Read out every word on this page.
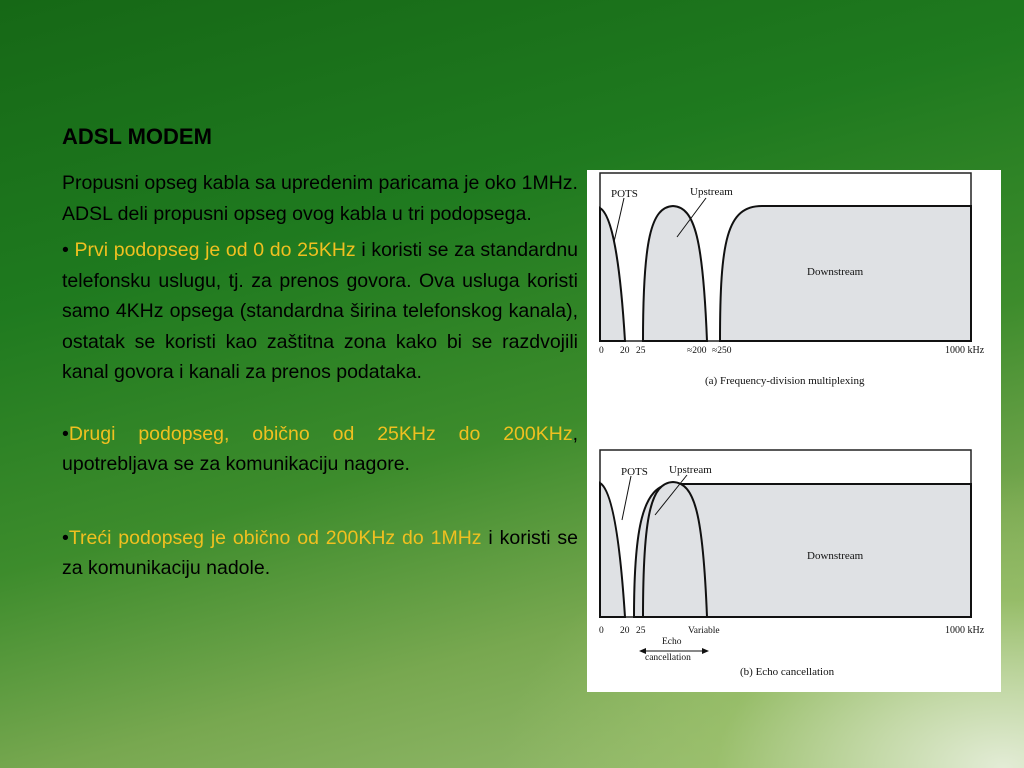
ADSL MODEM

Propusni opseg kabla sa upredenim paricama je oko 1MHz. ADSL deli propusni opseg ovog kabla u tri podopsega.

• Prvi podopseg je od 0 do 25KHz i koristi se za standardnu telefonsku uslugu, tj. za prenos govora. Ova usluga koristi samo 4KHz opsega (standardna širina telefonskog kanala), ostatak se koristi kao zaštitna zona kako bi se razdvojili kanal govora i kanali za prenos podataka.

•Drugi podopseg, obično od 25KHz do 200KHz, upotrebljava se za komunikaciju nagore.

•Treći podopseg je obično od 200KHz do 1MHz i koristi se za komunikaciju nadole.

POTS	Upstream
Downstream
0 20 25	≈200 ≈250	1000 kHz
(a) Frequency-division multiplexing
POTS Upstream
Downstream
0 20 25	Variable	1000 kHz
Echo
cancellation
(b) Echo cancellation
